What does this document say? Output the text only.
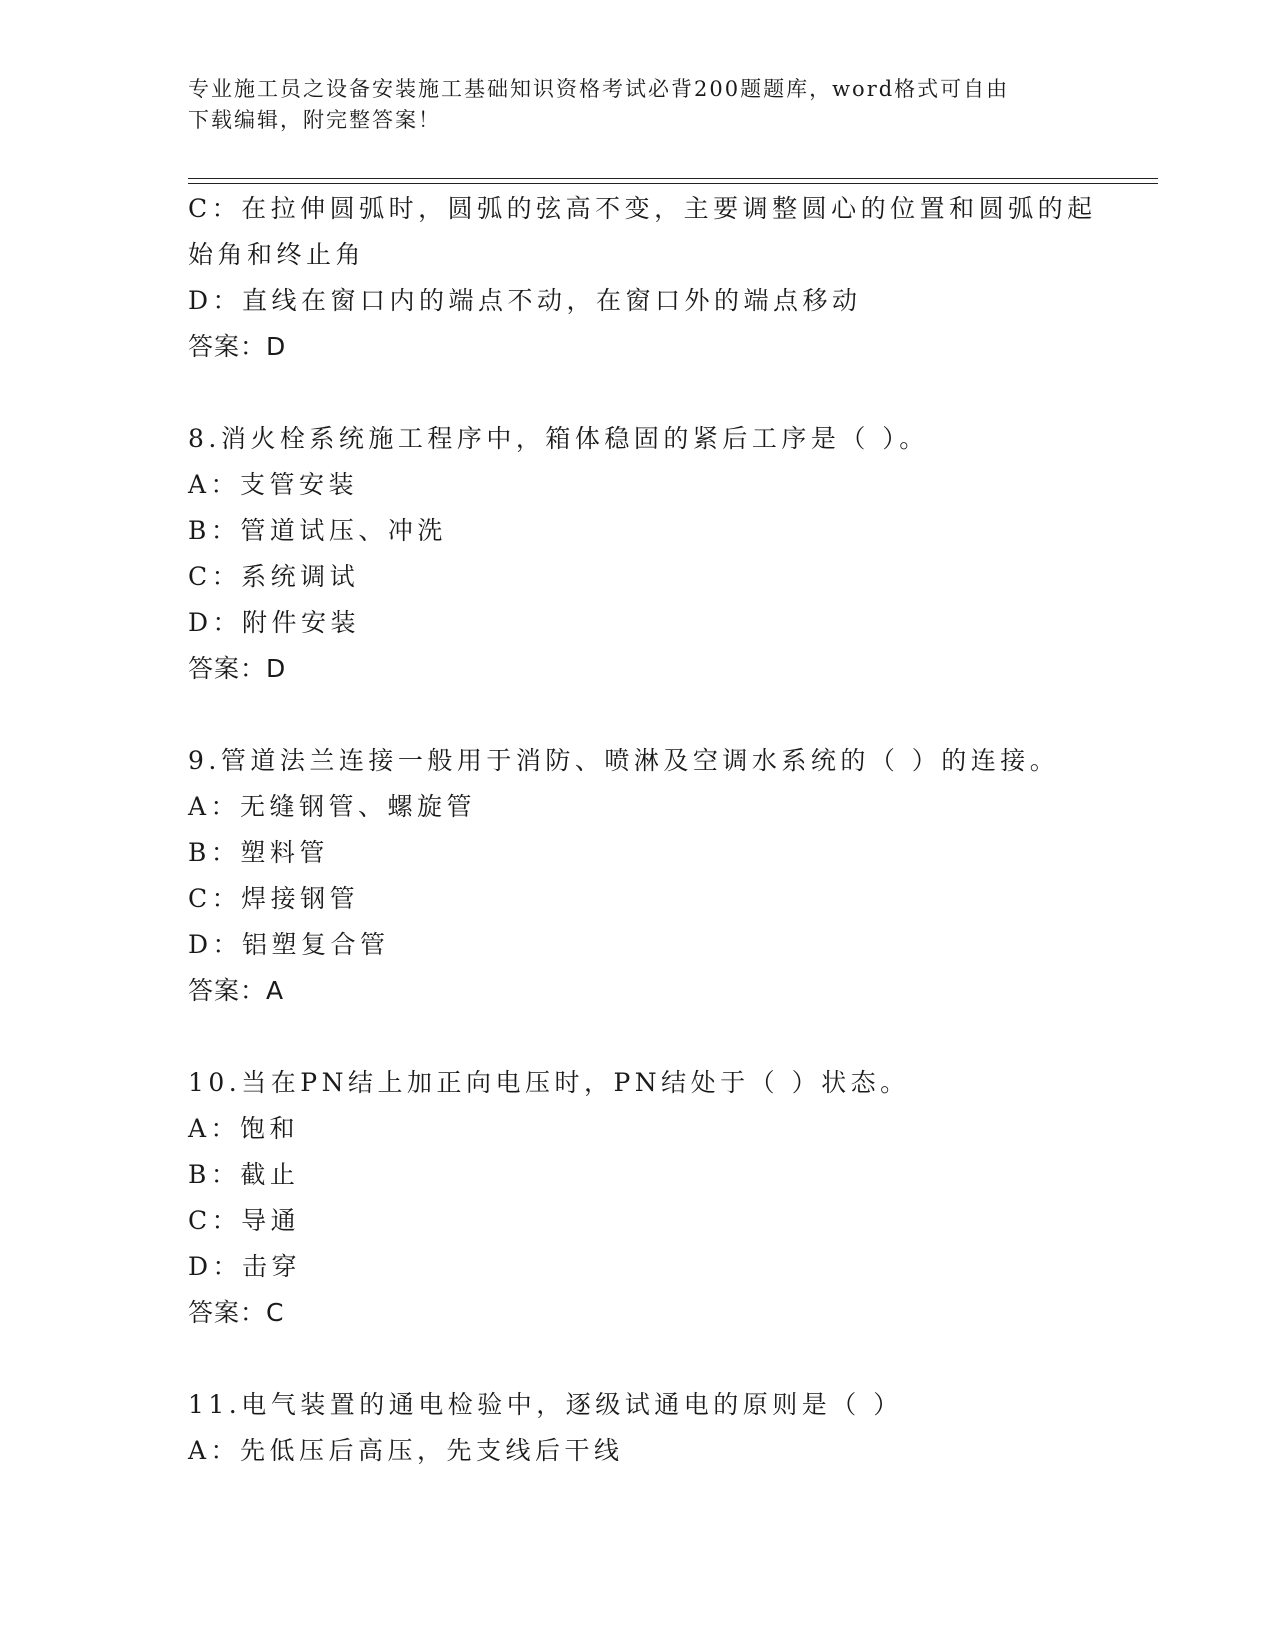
专业施工员之设备安装施工基础知识资格考试必背200题题库，word格式可自由
下载编辑，附完整答案！

C：在拉伸圆弧时，圆弧的弦高不变，主要调整圆心的位置和圆弧的起

始角和终止角

D：直线在窗口内的端点不动，在窗口外的端点移动

答案：D

8.消火栓系统施工程序中，箱体稳固的紧后工序是（ ）。

A：支管安装

B：管道试压、冲洗

C：系统调试

D：附件安装

答案：D

9.管道法兰连接一般用于消防、喷淋及空调水系统的（ ）的连接。

A：无缝钢管、螺旋管

B：塑料管

C：焊接钢管

D：铝塑复合管

答案：A

10.当在PN结上加正向电压时，PN结处于（ ）状态。

A：饱和

B：截止

C：导通

D：击穿

答案：C

11.电气装置的通电检验中，逐级试通电的原则是（ ）

A：先低压后高压，先支线后干线
